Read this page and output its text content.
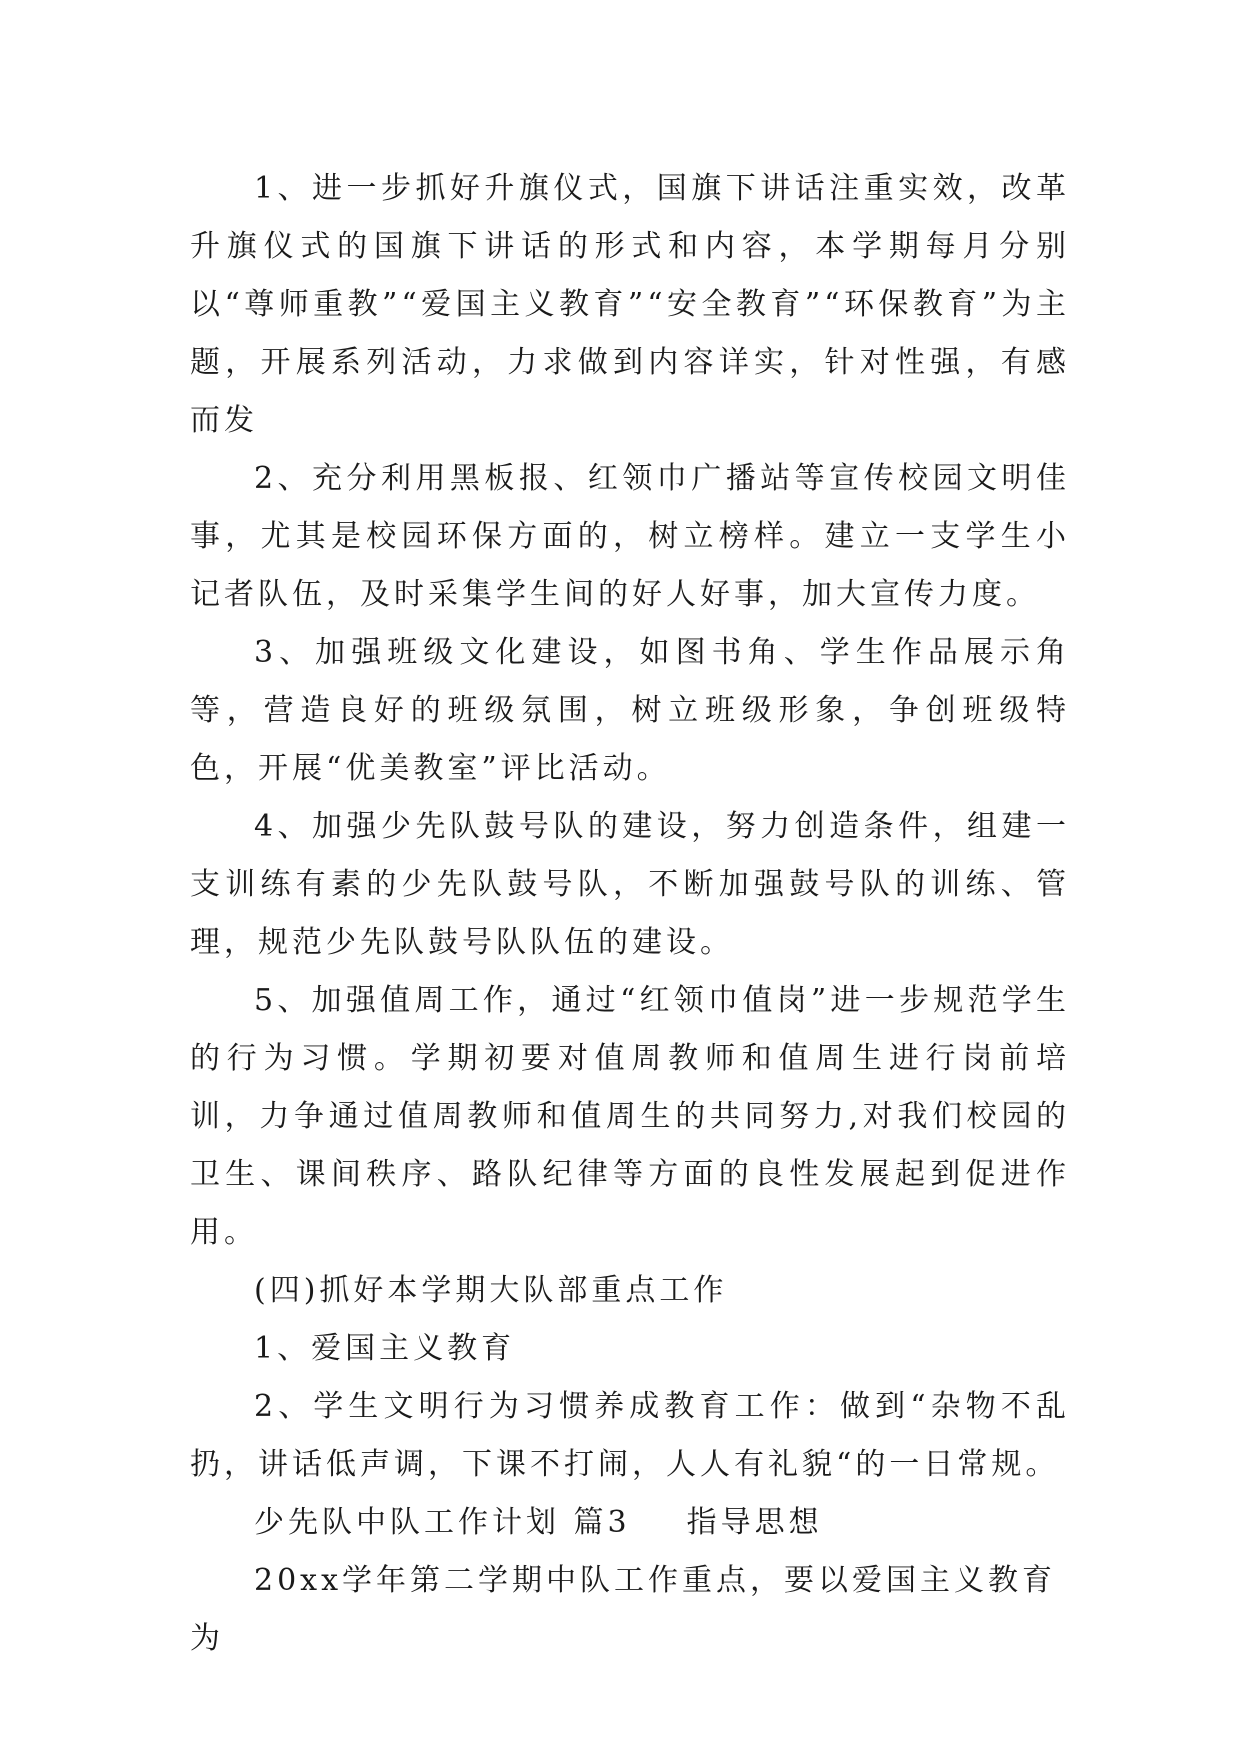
1、进一步抓好升旗仪式，国旗下讲话注重实效，改革升旗仪式的国旗下讲话的形式和内容，本学期每月分别以“尊师重教”“爱国主义教育”“安全教育”“环保教育”为主题，开展系列活动，力求做到内容详实，针对性强，有感而发

2、充分利用黑板报、红领巾广播站等宣传校园文明佳事，尤其是校园环保方面的，树立榜样。建立一支学生小记者队伍，及时采集学生间的好人好事，加大宣传力度。

3、加强班级文化建设，如图书角、学生作品展示角等，营造良好的班级氛围，树立班级形象，争创班级特色，开展“优美教室”评比活动。

4、加强少先队鼓号队的建设，努力创造条件，组建一支训练有素的少先队鼓号队，不断加强鼓号队的训练、管理，规范少先队鼓号队队伍的建设。

5、加强值周工作，通过“红领巾值岗”进一步规范学生的行为习惯。学期初要对值周教师和值周生进行岗前培训，力争通过值周教师和值周生的共同努力,对我们校园的卫生、课间秩序、路队纪律等方面的良性发展起到促进作用。

(四)抓好本学期大队部重点工作

1、爱国主义教育

2、学生文明行为习惯养成教育工作：做到“杂物不乱扔，讲话低声调，下课不打闹，人人有礼貌“的一日常规。

少先队中队工作计划 篇3 指导思想

20xx学年第二学期中队工作重点，要以爱国主义教育为
